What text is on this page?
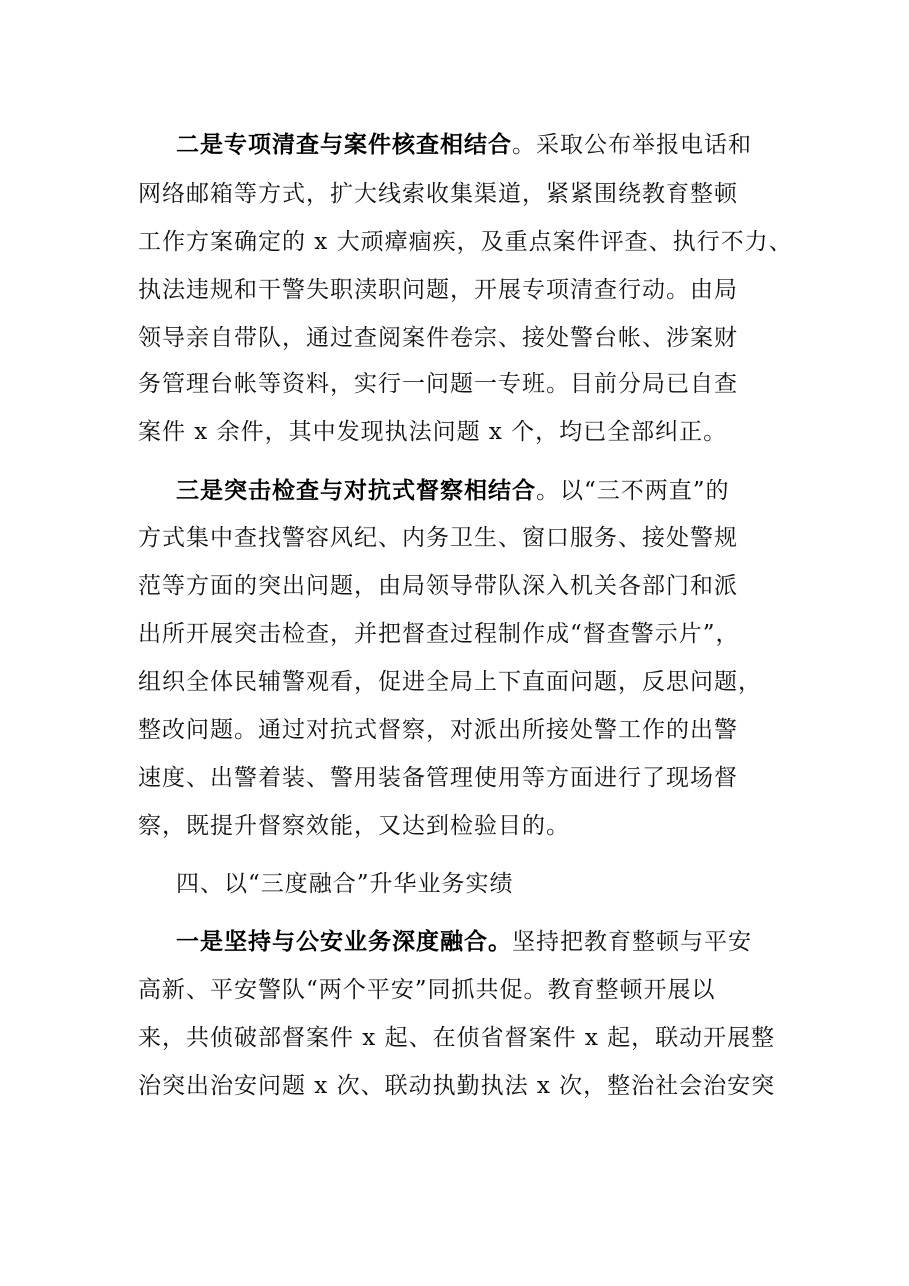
二是专项清查与案件核查相结合。采取公布举报电话和
网络邮箱等方式，扩大线索收集渠道，紧紧围绕教育整顿
工作方案确定的 x 大顽瘴痼疾，及重点案件评查、执行不力、
执法违规和干警失职渎职问题，开展专项清查行动。由局
领导亲自带队，通过查阅案件卷宗、接处警台帐、涉案财
务管理台帐等资料，实行一问题一专班。目前分局已自查
案件 x 余件，其中发现执法问题 x 个，均已全部纠正。
三是突击检查与对抗式督察相结合。以“三不两直”的
方式集中查找警容风纪、内务卫生、窗口服务、接处警规
范等方面的突出问题，由局领导带队深入机关各部门和派
出所开展突击检查，并把督查过程制作成“督查警示片”，
组织全体民辅警观看，促进全局上下直面问题，反思问题，
整改问题。通过对抗式督察，对派出所接处警工作的出警
速度、出警着装、警用装备管理使用等方面进行了现场督
察，既提升督察效能，又达到检验目的。
四、以“三度融合”升华业务实绩
一是坚持与公安业务深度融合。坚持把教育整顿与平安
高新、平安警队“两个平安”同抓共促。教育整顿开展以
来，共侦破部督案件 x 起、在侦省督案件 x 起，联动开展整
治突出治安问题 x 次、联动执勤执法 x 次，整治社会治安突
